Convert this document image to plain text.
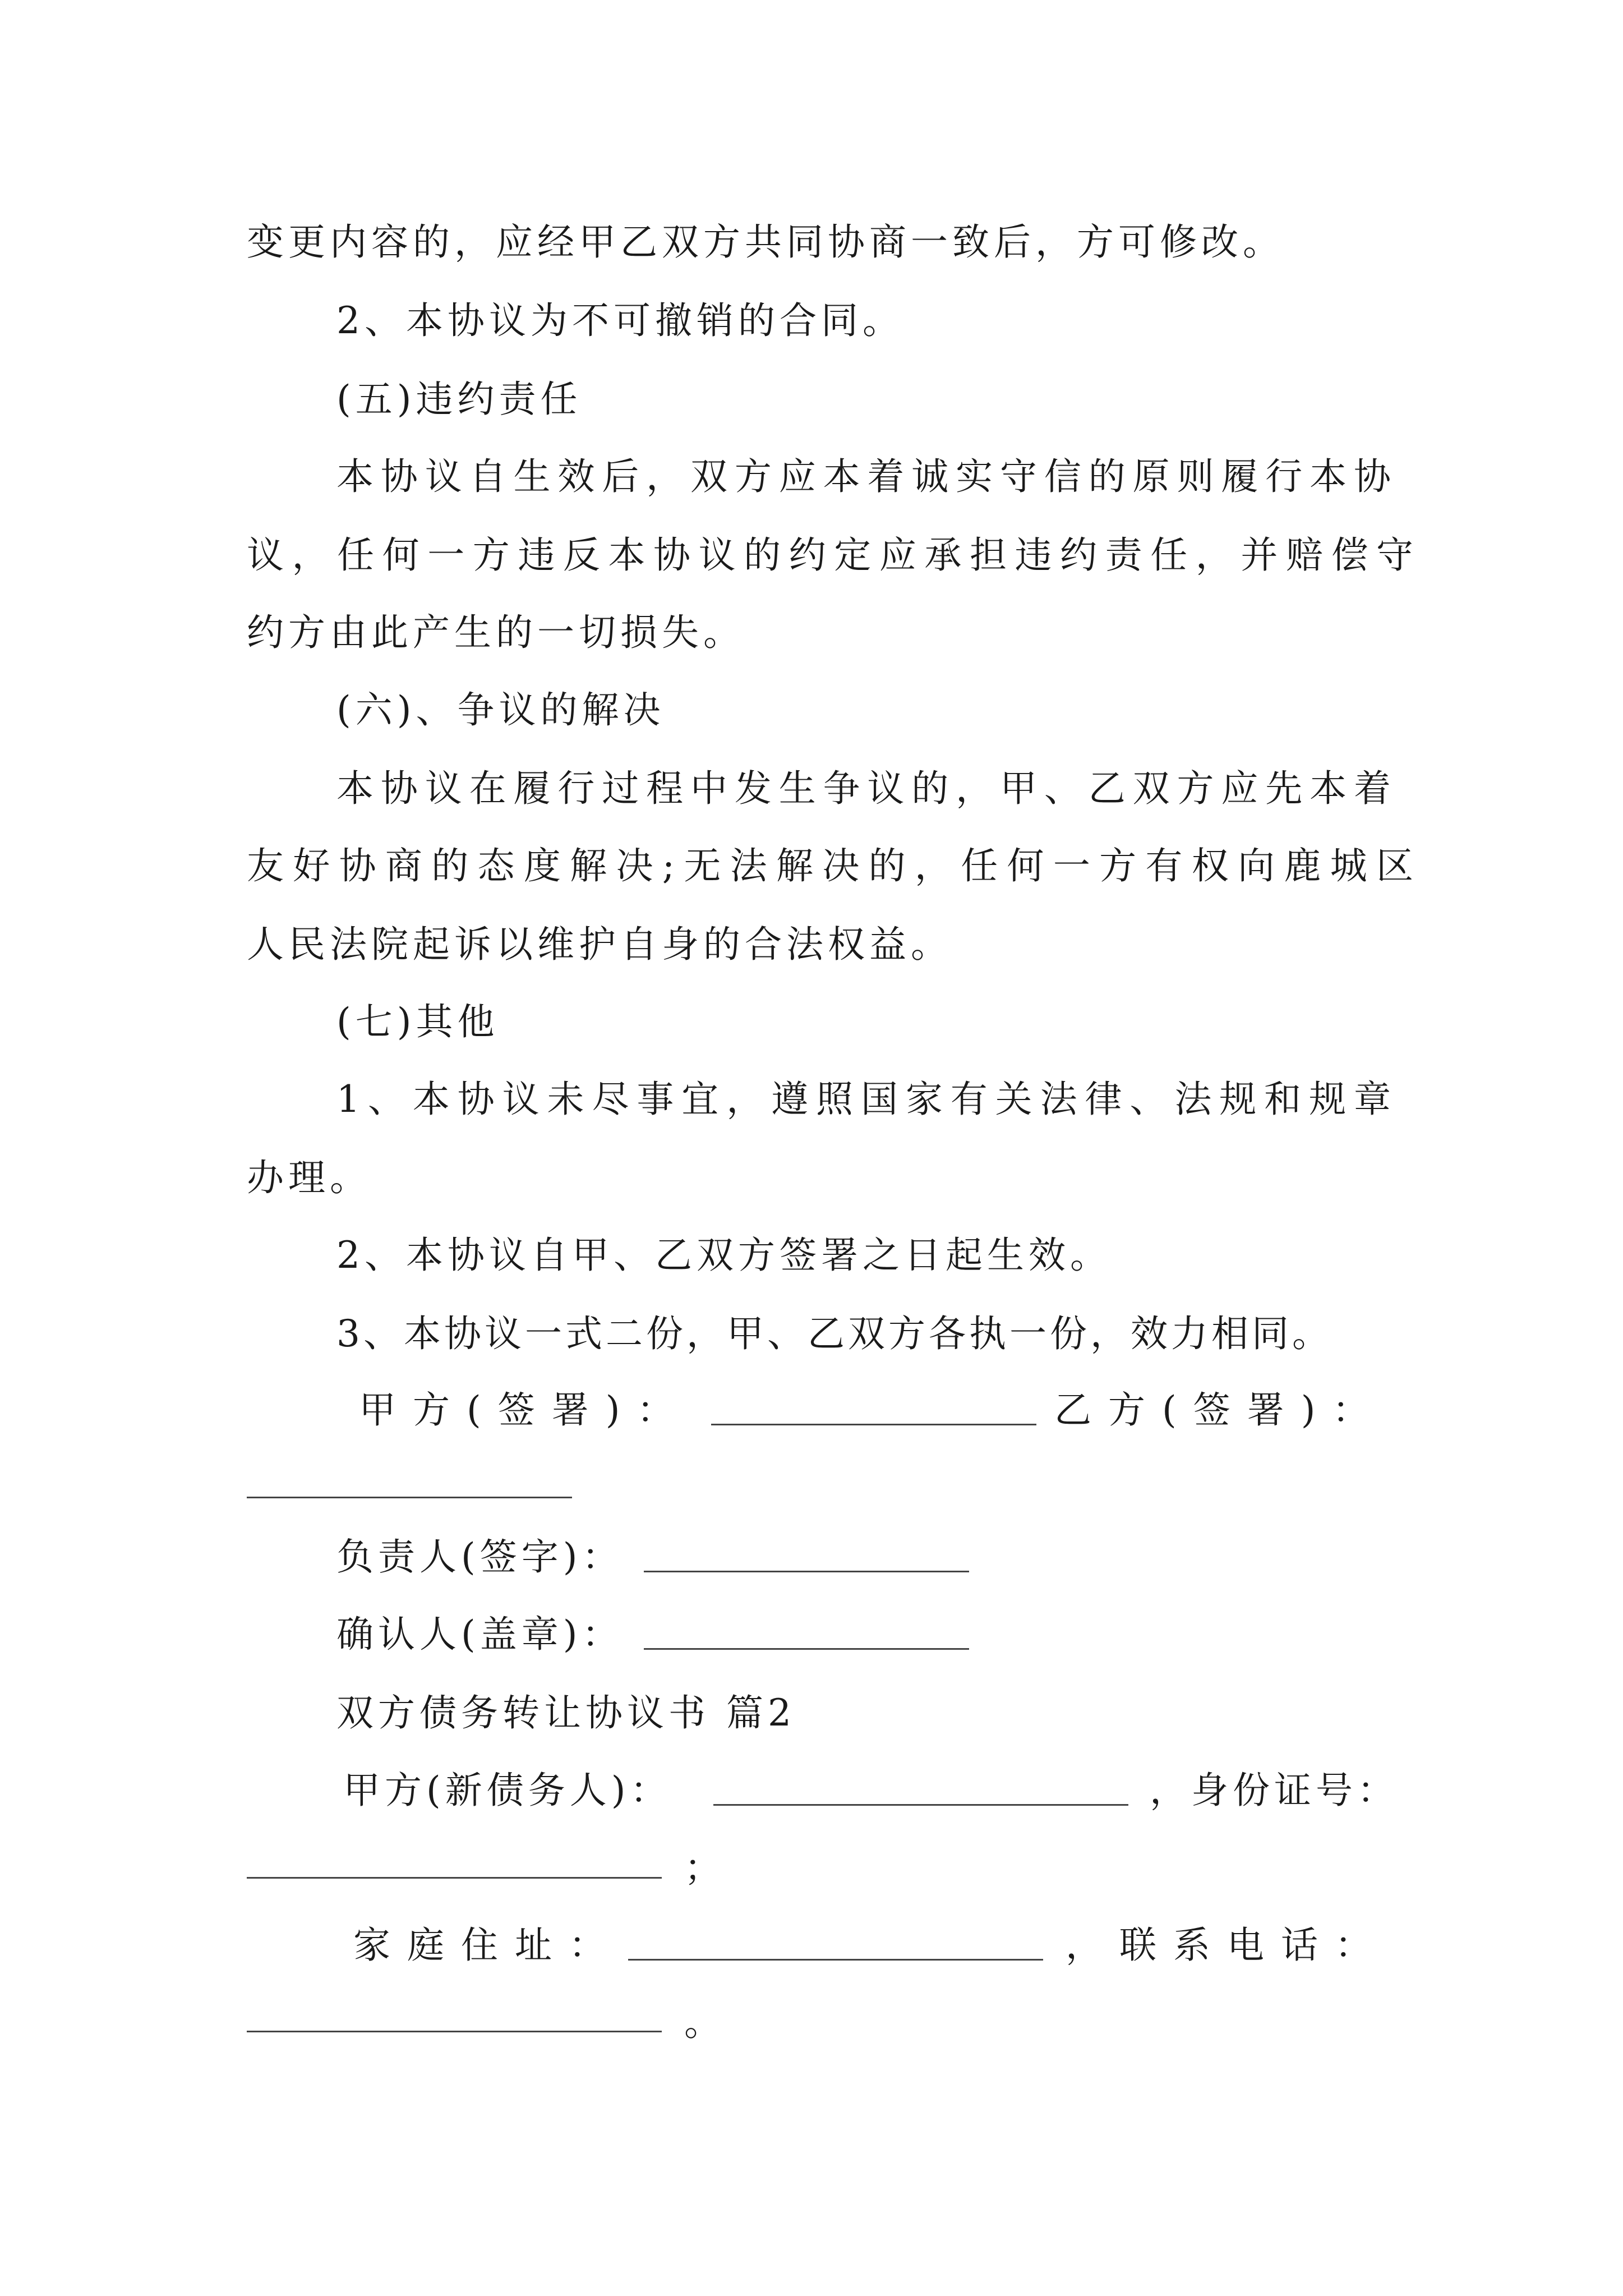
变更内容的，应经甲乙双方共同协商一致后，方可修改。
2、本协议为不可撤销的合同。
(五)违约责任
本协议自生效后，双方应本着诚实守信的原则履行本协
议，任何一方违反本协议的约定应承担违约责任，并赔偿守
约方由此产生的一切损失。
(六)、争议的解决
本协议在履行过程中发生争议的，甲、乙双方应先本着
友好协商的态度解决;无法解决的，任何一方有权向鹿城区
人民法院起诉以维护自身的合法权益。
(七)其他
1、本协议未尽事宜，遵照国家有关法律、法规和规章
办理。
2、本协议自甲、乙双方签署之日起生效。
3、本协议一式二份，甲、乙双方各执一份，效力相同。
甲方(签署)：	乙方(签署)：
负责人(签字)：
确认人(盖章)：
双方债务转让协议书 篇2
甲方(新债务人)：	，身份证号：
；
家庭住址：	，联系电话：
。
